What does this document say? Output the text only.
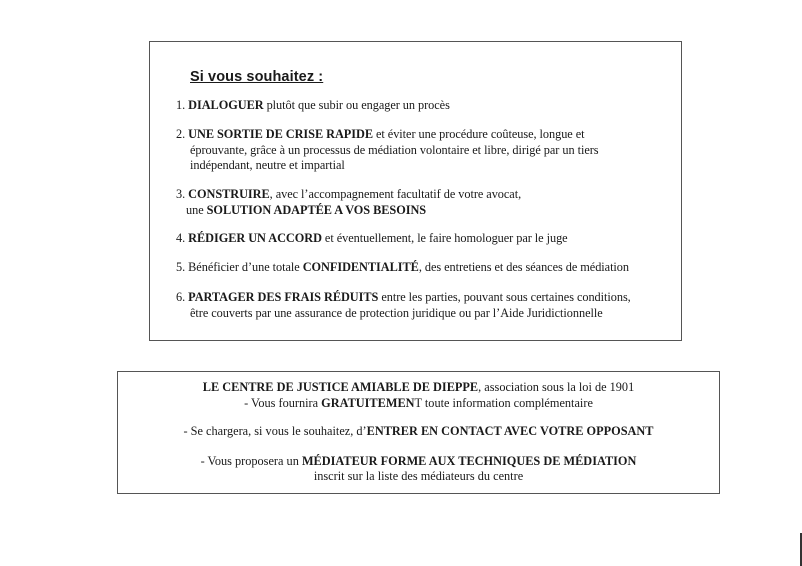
Si vous souhaitez :
1. DIALOGUER plutôt que subir ou engager un procès
2. UNE SORTIE DE CRISE RAPIDE et éviter une procédure coûteuse, longue et
éprouvante, grâce à un processus de médiation volontaire et libre, dirigé par un tiers
indépendant, neutre et impartial
3. CONSTRUIRE, avec l’accompagnement facultatif de votre avocat,
une SOLUTION ADAPTÉE A VOS BESOINS
4. RÉDIGER UN ACCORD et éventuellement, le faire homologuer par le juge
5. Bénéficier d’une totale CONFIDENTIALITÉ, des entretiens et des séances de médiation
6. PARTAGER DES FRAIS RÉDUITS entre les parties, pouvant sous certaines conditions,
être couverts par une assurance de protection juridique ou par l’Aide Juridictionnelle
LE CENTRE DE JUSTICE AMIABLE DE DIEPPE, association sous la loi de 1901
- Vous fournira GRATUITEMENT toute information complémentaire
- Se chargera, si vous le souhaitez, d’ENTRER EN CONTACT AVEC VOTRE OPPOSANT
- Vous proposera un MÉDIATEUR FORME AUX TECHNIQUES DE MÉDIATION
inscrit sur la liste des médiateurs du centre
